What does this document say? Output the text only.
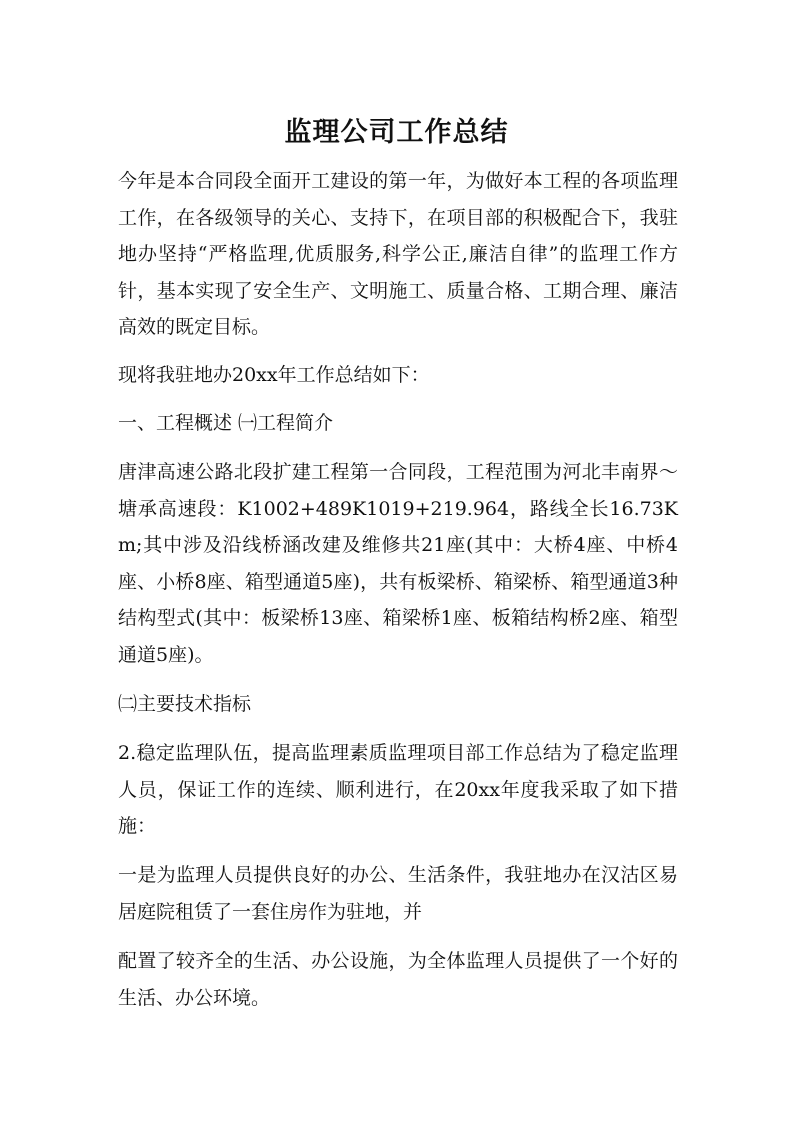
监理公司工作总结

今年是本合同段全面开工建设的第一年，为做好本工程的各项监理工作，在各级领导的关心、支持下，在项目部的积极配合下，我驻地办坚持“严格监理,优质服务,科学公正,廉洁自律”的监理工作方针，基本实现了安全生产、文明施工、质量合格、工期合理、廉洁高效的既定目标。

现将我驻地办20xx年工作总结如下：

一、工程概述 ㈠工程简介

唐津高速公路北段扩建工程第一合同段，工程范围为河北丰南界～塘承高速段：K1002+489K1019+219.964，路线全长16.73Km;其中涉及沿线桥涵改建及维修共21座(其中：大桥4座、中桥4座、小桥8座、箱型通道5座)，共有板梁桥、箱梁桥、箱型通道3种结构型式(其中：板梁桥13座、箱梁桥1座、板箱结构桥2座、箱型通道5座)。

㈡主要技术指标

2.稳定监理队伍，提高监理素质监理项目部工作总结为了稳定监理人员，保证工作的连续、顺利进行，在20xx年度我采取了如下措施：

一是为监理人员提供良好的办公、生活条件，我驻地办在汉沽区易居庭院租赁了一套住房作为驻地，并

配置了较齐全的生活、办公设施，为全体监理人员提供了一个好的生活、办公环境。
